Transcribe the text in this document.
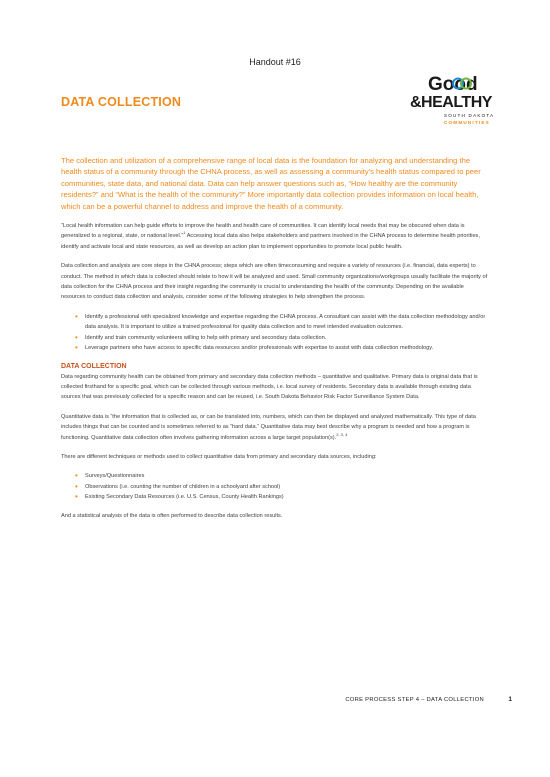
Handout #16
DATA COLLECTION
Good
&HEALTHY
SOUTH DAKOTA
COMMUNITIES

The collection and utilization of a comprehensive range of local data is the foundation for analyzing and understanding the health status of a community through the CHNA process, as well as assessing a community's health status compared to peer communities, state data, and national data. Data can help answer questions such as, “How healthy are the community residents?” and “What is the health of the community?” More importantly data collection provides information on local health, which can be a powerful channel to address and improve the health of a community.

“Local health information can help guide efforts to improve the health and health care of communities. It can identify local needs that may be obscured when data is generalized to a regional, state, or national level.”$^1$ Accessing local data also helps stakeholders and partners involved in the CHNA process to determine health priorities, identify and activate local and state resources, as well as develop an action plan to implement opportunities to promote local public health.

Data collection and analysis are core steps in the CHNA process; steps which are often timeconsuming and require a variety of resources (i.e. financial, data experts) to conduct. The method in which data is collected should relate to how it will be analyzed and used. Small community organizations/workgroups usually facilitate the majority of data collection for the CHNA process and their insight regarding the community is crucial to understanding the health of the community. Depending on the available resources to conduct data collection and analysis, consider some of the following strategies to help strengthen the process.

• Identify a professional with specialized knowledge and expertise regarding the CHNA process. A consultant can assist with the data collection methodology and/or data analysis. It is important to utilize a trained professional for quality data collection and to meet intended evaluation outcomes.
• Identify and train community volunteers willing to help with primary and secondary data collection.
• Leverage partners who have access to specific data resources and/or professionals with expertise to assist with data collection methodology.
DATA COLLECTION

Data regarding community health can be obtained from primary and secondary data collection methods – quantitative and qualitative. Primary data is original data that is collected firsthand for a specific goal, which can be collected through various methods, i.e. local survey of residents. Secondary data is available through existing data sources that was previously collected for a specific reason and can be reused, i.e. South Dakota Behavior Risk Factor Surveillance System Data.

Quantitative data is “the information that is collected as, or can be translated into, numbers, which can then be displayed and analyzed mathematically. This type of data includes things that can be counted and is sometimes referred to as “hard data.” Quantitative data may best describe why a program is needed and how a program is functioning. Quantitative data collection often involves gathering information across a large target population(s).$^{2, 3, 4}$

There are different techniques or methods used to collect quantitative data from primary and secondary data sources, including:

• Surveys/Questionnaires
• Observations (i.e. counting the number of children in a schoolyard after school)
• Existing Secondary Data Resources (i.e. U.S. Census, County Health Rankings)

And a statistical analysis of the data is often performed to describe data collection results.

CORE PROCESS STEP 4 – DATA COLLECTION	1
